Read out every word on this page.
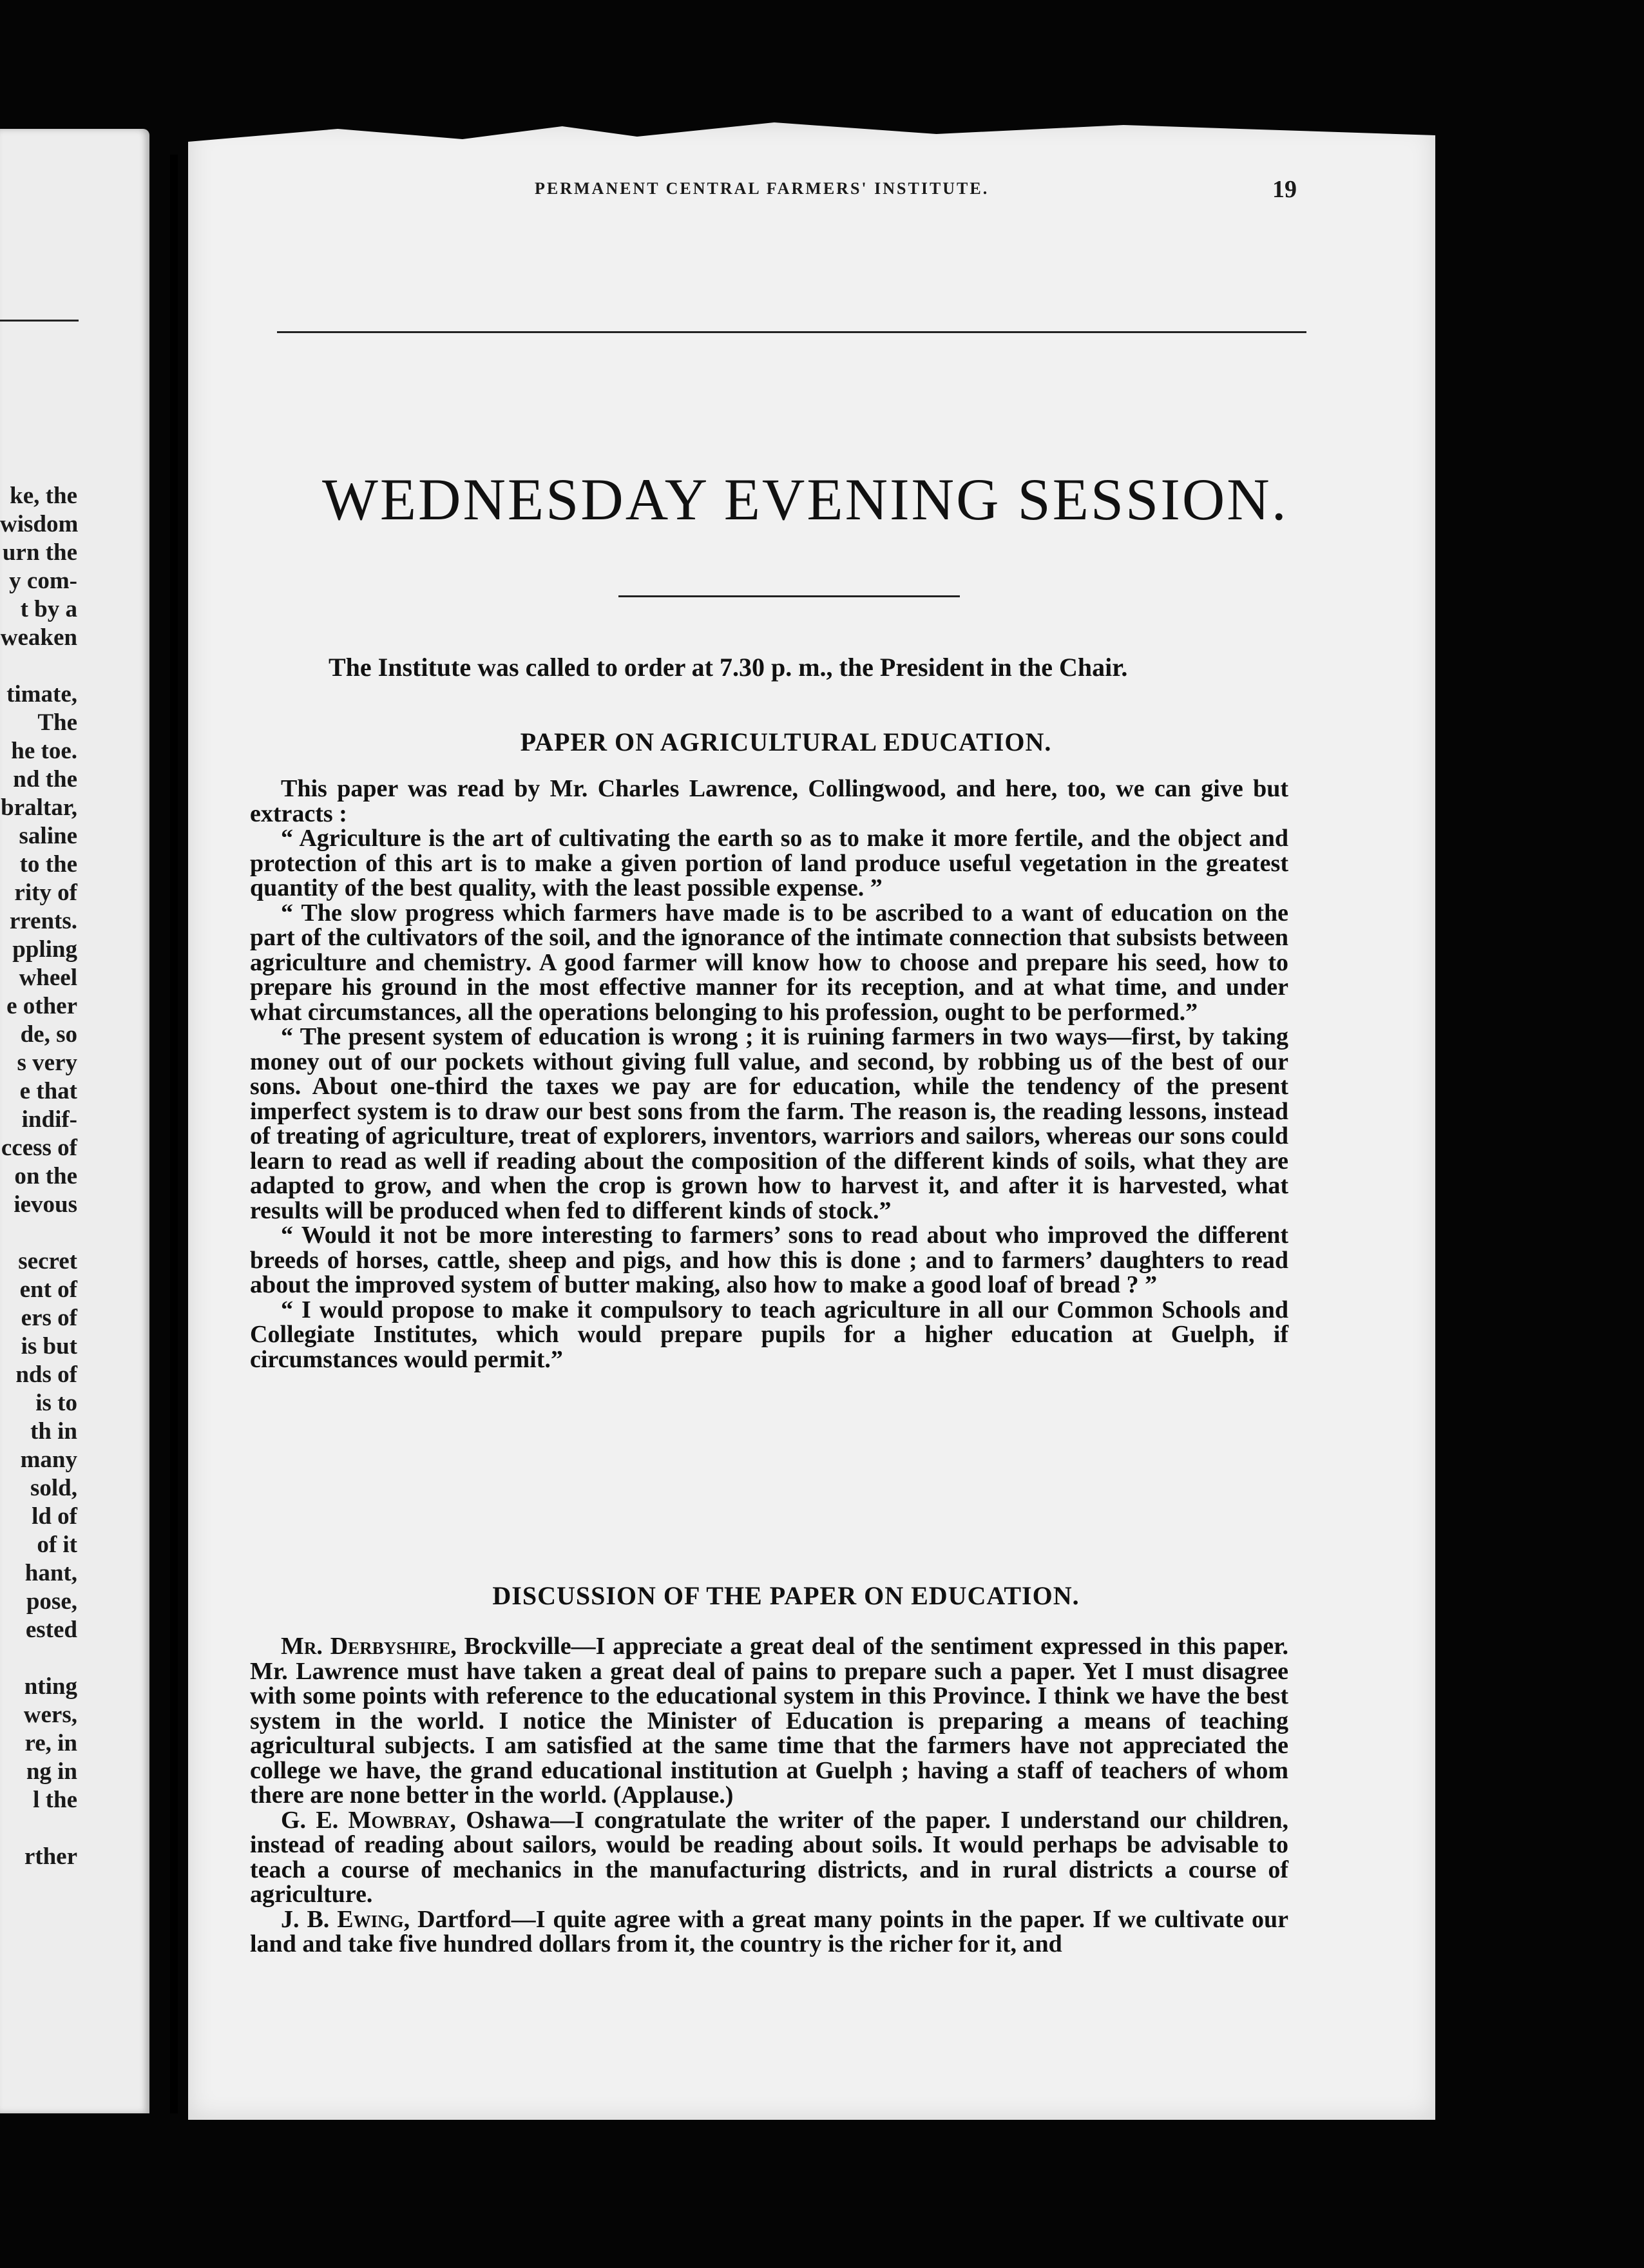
ke, the
wisdom
urn the
y com-
t by a
weaken

timate,
The
he toe.
nd the
braltar,
saline
to the
rity of
rrents.
ppling
wheel
e other
de, so
s very
e that
indif-
ccess of
on the
ievous

secret
ent of
ers of
is but
nds of
is to
th in
many
sold,
ld of
of it
hant,
pose,
ested

nting
wers,
re, in
ng in
l the

rther
PERMANENT CENTRAL FARMERS' INSTITUTE.	19
WEDNESDAY EVENING SESSION.
The Institute was called to order at 7.30 p. m., the President in the Chair.
PAPER ON AGRICULTURAL EDUCATION.

This paper was read by Mr. Charles Lawrence, Collingwood, and here, too, we can give but extracts :

“ Agriculture is the art of cultivating the earth so as to make it more fertile, and the object and protection of this art is to make a given portion of land produce useful vegetation in the greatest quantity of the best quality, with the least possible expense. ”

“ The slow progress which farmers have made is to be ascribed to a want of education on the part of the cultivators of the soil, and the ignorance of the intimate connection that subsists between agriculture and chemistry. A good farmer will know how to choose and prepare his seed, how to prepare his ground in the most effective manner for its reception, and at what time, and under what circumstances, all the operations belonging to his profession, ought to be performed.”

“ The present system of education is wrong ; it is ruining farmers in two ways—first, by taking money out of our pockets without giving full value, and second, by robbing us of the best of our sons. About one-third the taxes we pay are for education, while the tendency of the present imperfect system is to draw our best sons from the farm. The reason is, the reading lessons, instead of treating of agriculture, treat of explorers, inventors, warriors and sailors, whereas our sons could learn to read as well if reading about the composition of the different kinds of soils, what they are adapted to grow, and when the crop is grown how to harvest it, and after it is harvested, what results will be produced when fed to different kinds of stock.”

“ Would it not be more interesting to farmers’ sons to read about who improved the different breeds of horses, cattle, sheep and pigs, and how this is done ; and to farmers’ daughters to read about the improved system of butter making, also how to make a good loaf of bread ? ”

“ I would propose to make it compulsory to teach agriculture in all our Common Schools and Collegiate Institutes, which would prepare pupils for a higher education at Guelph, if circumstances would permit.”

DISCUSSION OF THE PAPER ON EDUCATION.

Mr. Derbyshire, Brockville—I appreciate a great deal of the sentiment expressed in this paper. Mr. Lawrence must have taken a great deal of pains to prepare such a paper. Yet I must disagree with some points with reference to the educational system in this Province. I think we have the best system in the world. I notice the Minister of Education is preparing a means of teaching agricultural subjects. I am satisfied at the same time that the farmers have not appreciated the college we have, the grand educational institution at Guelph ; having a staff of teachers of whom there are none better in the world. (Applause.)

G. E. Mowbray, Oshawa—I congratulate the writer of the paper. I understand our children, instead of reading about sailors, would be reading about soils. It would perhaps be advisable to teach a course of mechanics in the manufacturing districts, and in rural districts a course of agriculture.

J. B. Ewing, Dartford—I quite agree with a great many points in the paper. If we cultivate our land and take five hundred dollars from it, the country is the richer for it, and
